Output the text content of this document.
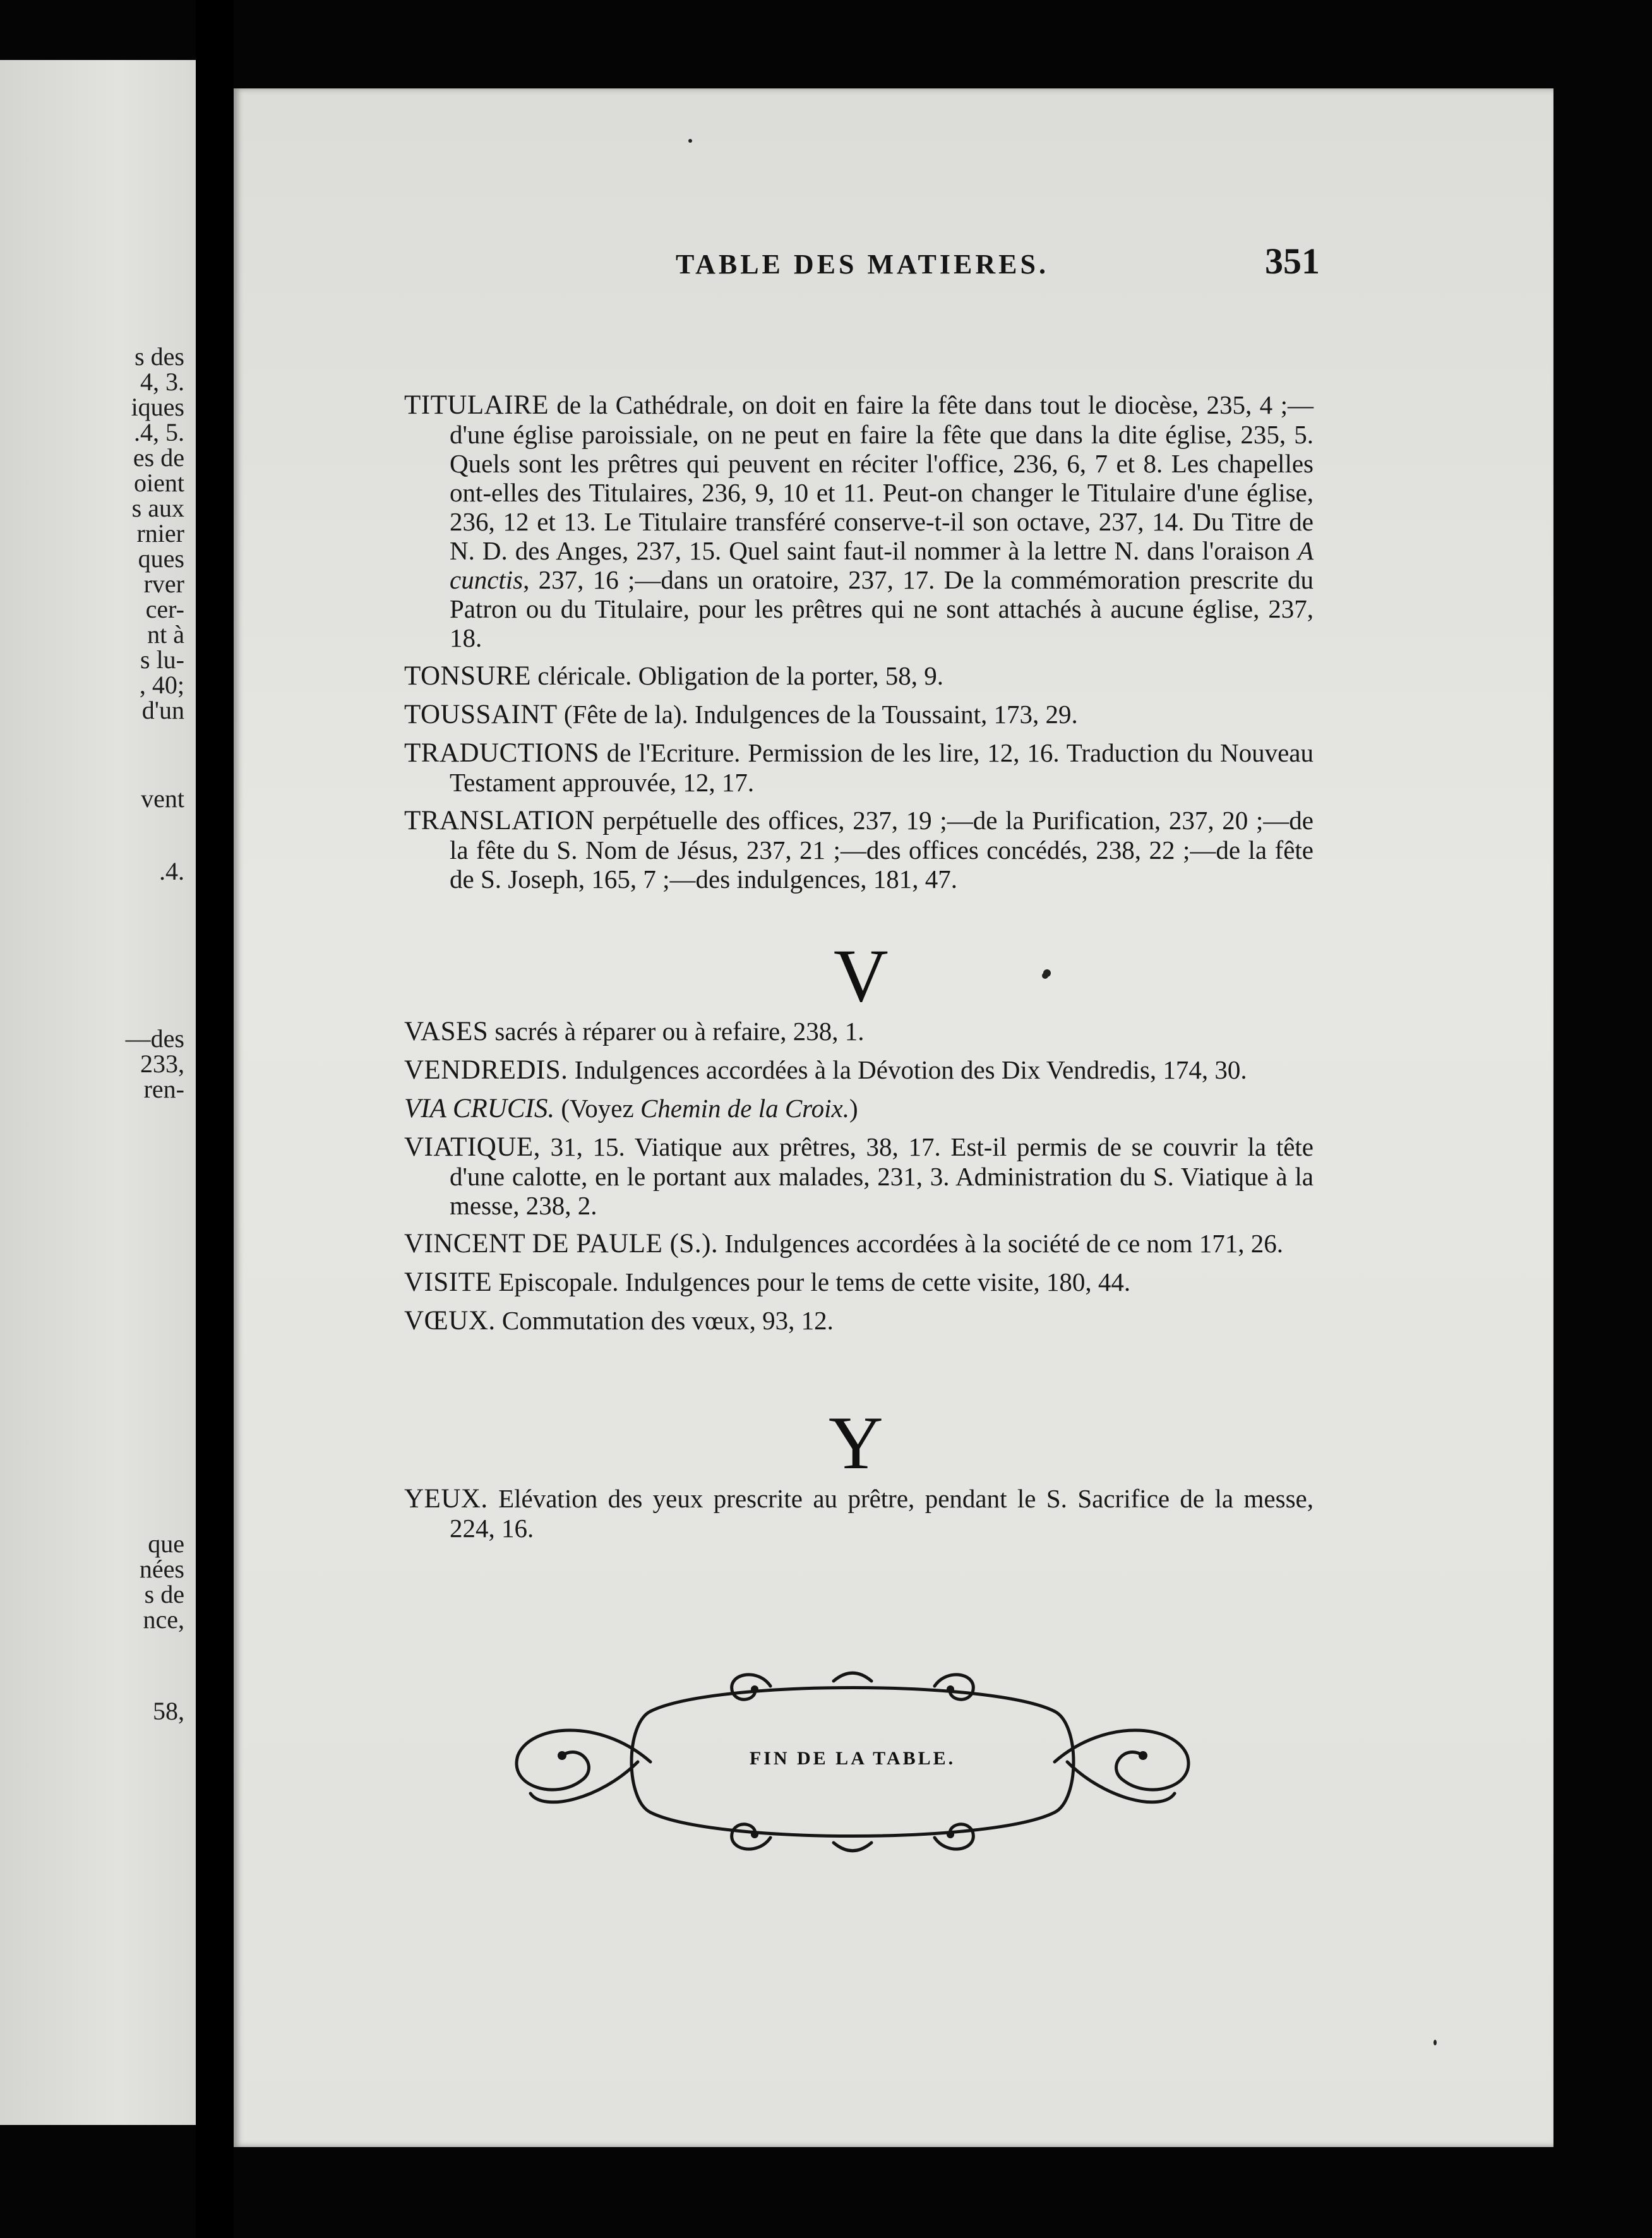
s des
4, 3.
iques
.4, 5.
es de
oient
s aux
rnier
ques
rver
cer-
nt à
s lu-
, 40;
d'un
vent
.4.
—des
233,
ren-
que
nées
s de
nce,
58,
TABLE DES MATIERES.	351
TITULAIRE de la Cathédrale, on doit en faire la fête dans tout le diocèse, 235, 4 ;—d'une église paroissiale, on ne peut en faire la fête que dans la dite église, 235, 5. Quels sont les prêtres qui peuvent en réciter l'office, 236, 6, 7 et 8. Les chapelles ont-elles des Titulaires, 236, 9, 10 et 11. Peut-on changer le Titulaire d'une église, 236, 12 et 13. Le Titulaire transféré conserve-t-il son octave, 237, 14. Du Titre de N. D. des Anges, 237, 15. Quel saint faut-il nommer à la lettre N. dans l'oraison A cunctis, 237, 16 ;—dans un oratoire, 237, 17. De la commémoration prescrite du Patron ou du Titulaire, pour les prêtres qui ne sont attachés à aucune église, 237, 18.
TONSURE cléricale. Obligation de la porter, 58, 9.
TOUSSAINT (Fête de la). Indulgences de la Toussaint, 173, 29.
TRADUCTIONS de l'Ecriture. Permission de les lire, 12, 16. Traduction du Nouveau Testament approuvée, 12, 17.
TRANSLATION perpétuelle des offices, 237, 19 ;—de la Purification, 237, 20 ;—de la fête du S. Nom de Jésus, 237, 21 ;—des offices concédés, 238, 22 ;—de la fête de S. Joseph, 165, 7 ;—des indulgences, 181, 47.
V
VASES sacrés à réparer ou à refaire, 238, 1.
VENDREDIS. Indulgences accordées à la Dévotion des Dix Vendredis, 174, 30.
VIA CRUCIS. (Voyez Chemin de la Croix.)
VIATIQUE, 31, 15. Viatique aux prêtres, 38, 17. Est-il permis de se couvrir la tête d'une calotte, en le portant aux malades, 231, 3. Administration du S. Viatique à la messe, 238, 2.
VINCENT DE PAULE (S.). Indulgences accordées à la société de ce nom 171, 26.
VISITE Episcopale. Indulgences pour le tems de cette visite, 180, 44.
VŒUX. Commutation des vœux, 93, 12.
Y
YEUX. Elévation des yeux prescrite au prêtre, pendant le S. Sacrifice de la messe, 224, 16.
FIN DE LA TABLE.
